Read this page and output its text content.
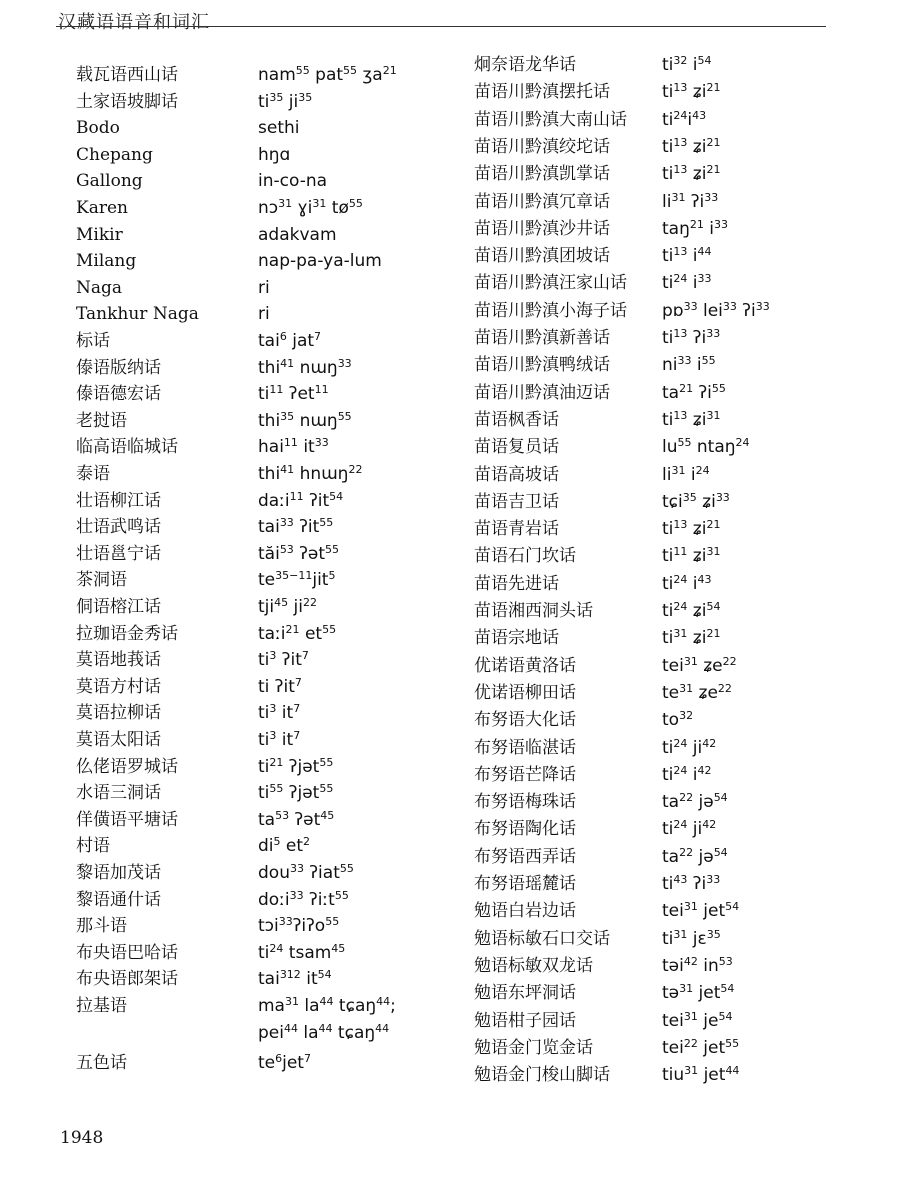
汉藏语语音和词汇
载瓦语西山话	nam$^{55}$ pat$^{55}$ ʒa$^{21}$
土家语坡脚话	$ti^{35}$ $ji^{35}$
Bodo	sethi
Chepang	hŋɑ
Gallong	in-co-na
Karen	nɔ$^{31}$ ɣi$^{31}$ $tø^{55}$
Mikir	adakvam
Milang	nap-pa-ya-lum
Naga	ri
Tankhur Naga	ri
标话	tai$^6$ jat$^7$
傣语版纳话	thi$^{41}$ nɯŋ$^{33}$
傣语德宏话	$ti^{11}$ ʔet$^{11}$
老挝语	thi$^{35}$ nɯŋ$^{55}$
临高语临城话	hai$^{11}$ $it^{33}$
泰语	thi$^{41}$ hnɯŋ$^{22}$
壮语柳江话	daːi$^{11}$ ʔit$^{54}$
壮语武鸣话	tai$^{33}$ ʔit$^{55}$
壮语邕宁话	tăi$^{53}$ ʔət$^{55}$
茶洞语	$te^{35-11}jit^5$
侗语榕江话	tji$^{45}$ $ji^{22}$
拉珈语金秀话	taːi$^{21}$ $et^{55}$
莫语地莪话	$ti^3$ ʔit$^7$
莫语方村话	ti ʔit$^7$
莫语拉柳话	$ti^3$ $it^7$
莫语太阳话	$ti^3$ $it^7$
仫佬语罗城话	$ti^{21}$ ʔjət$^{55}$
水语三洞话	$ti^{55}$ ʔjət$^{55}$
佯僙语平塘话	$ta^{53}$ ʔət$^{45}$
村语	$di^5$ $et^2$
黎语加茂话	dou$^{33}$ ʔiat$^{55}$
黎语通什话	doːi$^{33}$ ʔiːt$^{55}$
那斗语	tɔi$^{33}$ʔiʔo$^{55}$
布央语巴哈话	$ti^{24}$ tsam$^{45}$
布央语郎架话	tai$^{312}$ $it^{54}$
拉基语	$ma^{31}$ $la^{44}$ tɕaŋ$^{44}$;
pei$^{44}$ $la^{44}$ tɕaŋ$^{44}$
五色话	$te^6jet^7$
炯奈语龙华话	$ti^{32}$ $i^{54}$
苗语川黔滇摆托话	$ti^{13}$ ʑi$^{21}$
苗语川黔滇大南山话 $ti^{24}i^{43}$
苗语川黔滇绞坨话	$ti^{13}$ ʑi$^{21}$
苗语川黔滇凯掌话	$ti^{13}$ ʑi$^{21}$
苗语川黔滇冗章话	$li^{31}$ ʔi$^{33}$
苗语川黔滇沙井话	taŋ$^{21}$ $i^{33}$
苗语川黔滇团坡话	$ti^{13}$ $i^{44}$
苗语川黔滇汪家山话 $ti^{24}$ $i^{33}$
苗语川黔滇小海子话 pɒ$^{33}$ lei$^{33}$ ʔi$^{33}$
苗语川黔滇新善话	$ti^{13}$ ʔi$^{33}$
苗语川黔滇鸭绒话	$ni^{33}$ $i^{55}$
苗语川黔滇油迈话	$ta^{21}$ ʔi$^{55}$
苗语枫香话	$ti^{13}$ ʑi$^{31}$
苗语复员话	$lu^{55}$ ntaŋ$^{24}$
苗语高坡话	$li^{31}$ $i^{24}$
苗语吉卫话	tɕi$^{35}$ ʑi$^{33}$
苗语青岩话	$ti^{13}$ ʑi$^{21}$
苗语石门坎话	$ti^{11}$ ʑi$^{31}$
苗语先进话	$ti^{24}$ $i^{43}$
苗语湘西洞头话	$ti^{24}$ ʑi$^{54}$
苗语宗地话	$ti^{31}$ ʑi$^{21}$
优诺语黄洛话	tei$^{31}$ ʑe$^{22}$
优诺语柳田话	$te^{31}$ ʑe$^{22}$
布努语大化话	$to^{32}$
布努语临湛话	$ti^{24}$ $ji^{42}$
布努语芒降话	$ti^{24}$ $i^{42}$
布努语梅珠话	$ta^{22}$ jə$^{54}$
布努语陶化话	$ti^{24}$ $ji^{42}$
布努语西弄话	$ta^{22}$ jə$^{54}$
布努语瑶麓话	$ti^{43}$ ʔi$^{33}$
勉语白岩边话	tei$^{31}$ jet$^{54}$
勉语标敏石口交话	$ti^{31}$ jɛ$^{35}$
勉语标敏双龙话	təi$^{42}$ $in^{53}$
勉语东坪洞话	tə$^{31}$ jet$^{54}$
勉语柑子园话	tei$^{31}$ $je^{54}$
勉语金门览金话	tei$^{22}$ jet$^{55}$
勉语金门梭山脚话	tiu$^{31}$ jet$^{44}$
1948
